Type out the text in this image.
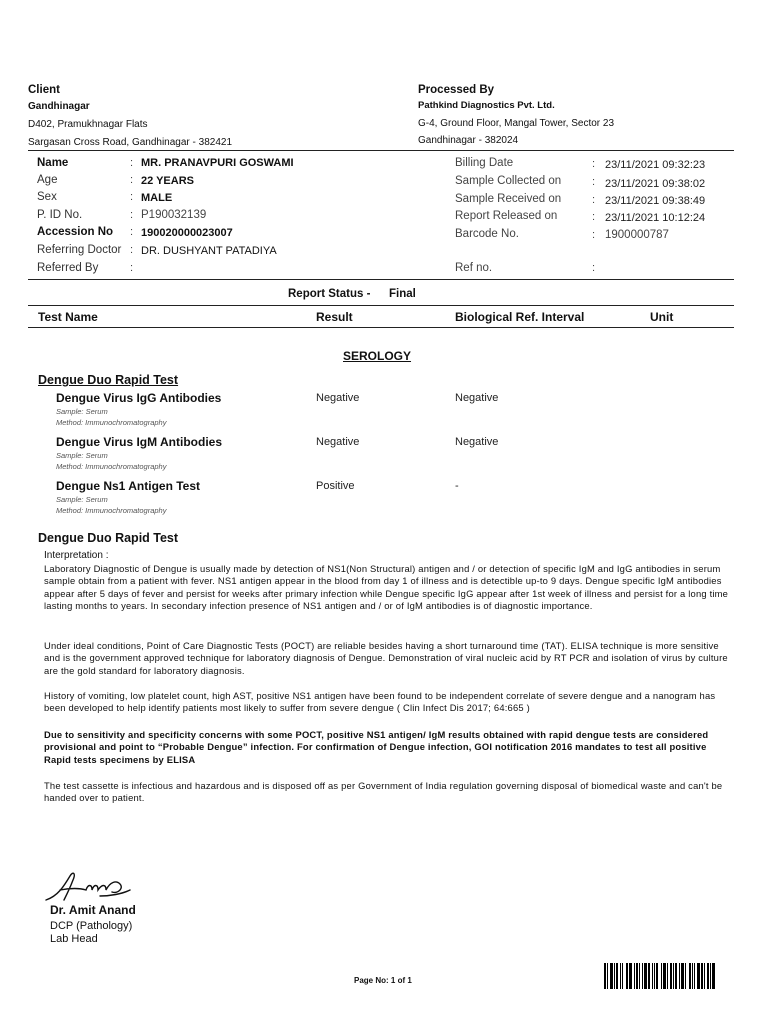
Client
Gandhinagar
D402, Pramukhnagar Flats
Sargasan Cross Road, Gandhinagar - 382421
Processed By
Pathkind Diagnostics Pvt. Ltd.
G-4, Ground Floor, Mangal Tower, Sector 23
Gandhinagar - 382024
Name	: MR. PRANAVPURI GOSWAMI
Age	: 22 YEARS
Sex	: MALE
P. ID No.	: P190032139
Accession No : 190020000023007
Referring Doctor : DR. DUSHYANT PATADIYA
Referred By	:
Billing Date	: 23/11/2021 09:32:23
Sample Collected on	: 23/11/2021 09:38:02
Sample Received on	: 23/11/2021 09:38:49
Report Released on	: 23/11/2021 10:12:24
Barcode No.	: 1900000787
Ref no.	:
Report Status - Final
Test Name	Result	Biological Ref. Interval	Unit
SEROLOGY
Dengue Duo Rapid Test
Dengue Virus IgG Antibodies
Sample: Serum
Method: Immunochromatography
Negative	Negative
Dengue Virus IgM Antibodies
Sample: Serum
Method: Immunochromatography
Negative	Negative
Dengue Ns1 Antigen Test
Sample: Serum
Method: Immunochromatography
Positive	-
Dengue Duo Rapid Test
Interpretation :
Laboratory Diagnostic of Dengue is usually made by detection of NS1(Non Structural) antigen and / or detection of specific IgM and IgG antibodies in serum sample obtain from a patient with fever. NS1 antigen appear in the blood from day 1 of illness and is detectible up-to 9 days. Dengue specific IgM antibodies appear after 5 days of fever and persist for weeks after primary infection while Dengue specific IgG appear after 1st week of illness and persist for a long time lasting months to years. In secondary infection presence of NS1 antigen and / or of IgM antibodies is of diagnostic importance.
Under ideal conditions, Point of Care Diagnostic Tests (POCT) are reliable besides having a short turnaround time (TAT). ELISA technique is more sensitive and is the government approved technique for laboratory diagnosis of Dengue. Demonstration of viral nucleic acid by RT PCR and isolation of virus by culture are the gold standard for laboratory diagnosis.
History of vomiting, low platelet count, high AST, positive NS1 antigen have been found to be independent correlate of severe dengue and a nanogram has been developed to help identify patients most likely to suffer from severe dengue ( Clin Infect Dis 2017; 64:665 )
Due to sensitivity and specificity concerns with some POCT, positive NS1 antigen/ IgM results obtained with rapid dengue tests are considered provisional and point to “Probable Dengue” infection. For confirmation of Dengue infection, GOI notification 2016 mandates to test all positive Rapid tests specimens by ELISA
The test cassette is infectious and hazardous and is disposed off as per Government of India regulation governing disposal of biomedical waste and can't be handed over to patient.
Dr. Amit Anand
DCP (Pathology)
Lab Head
Page No: 1 of 1
